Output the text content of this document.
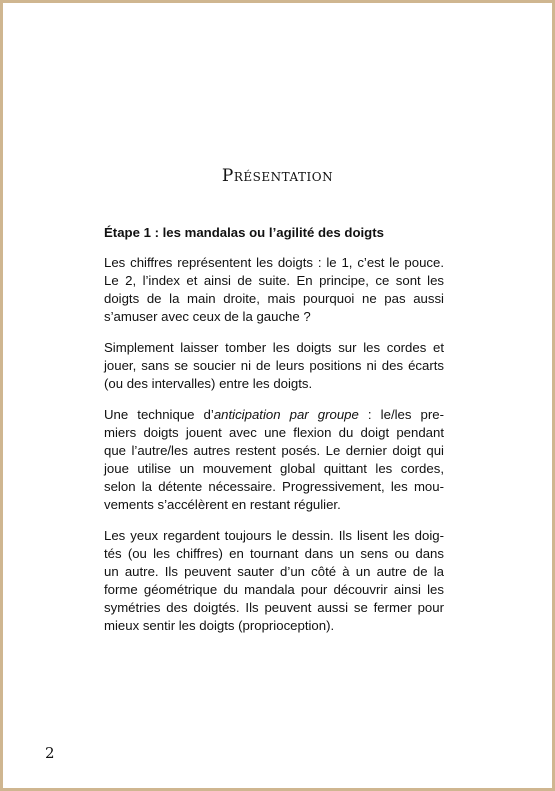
Présentation
Étape 1 : les mandalas ou l’agilité des doigts

Les chiffres représentent les doigts : le 1, c’est le pouce.
Le 2, l’index et ainsi de suite. En principe, ce sont les
doigts de la main droite, mais pourquoi ne pas aussi
s’amuser avec ceux de la gauche ?

Simplement laisser tomber les doigts sur les cordes et
jouer, sans se soucier ni de leurs positions ni des écarts
(ou des intervalles) entre les doigts.

Une technique d’anticipation par groupe : le/les pre-
miers doigts jouent avec une flexion du doigt pendant
que l’autre/les autres restent posés. Le dernier doigt qui
joue utilise un mouvement global quittant les cordes,
selon la détente nécessaire. Progressivement, les mou-
vements s’accélèrent en restant régulier.

Les yeux regardent toujours le dessin. Ils lisent les doig-
tés (ou les chiffres) en tournant dans un sens ou dans
un autre. Ils peuvent sauter d’un côté à un autre de la
forme géométrique du mandala pour découvrir ainsi les
symétries des doigtés. Ils peuvent aussi se fermer pour
mieux sentir les doigts (proprioception).

2
